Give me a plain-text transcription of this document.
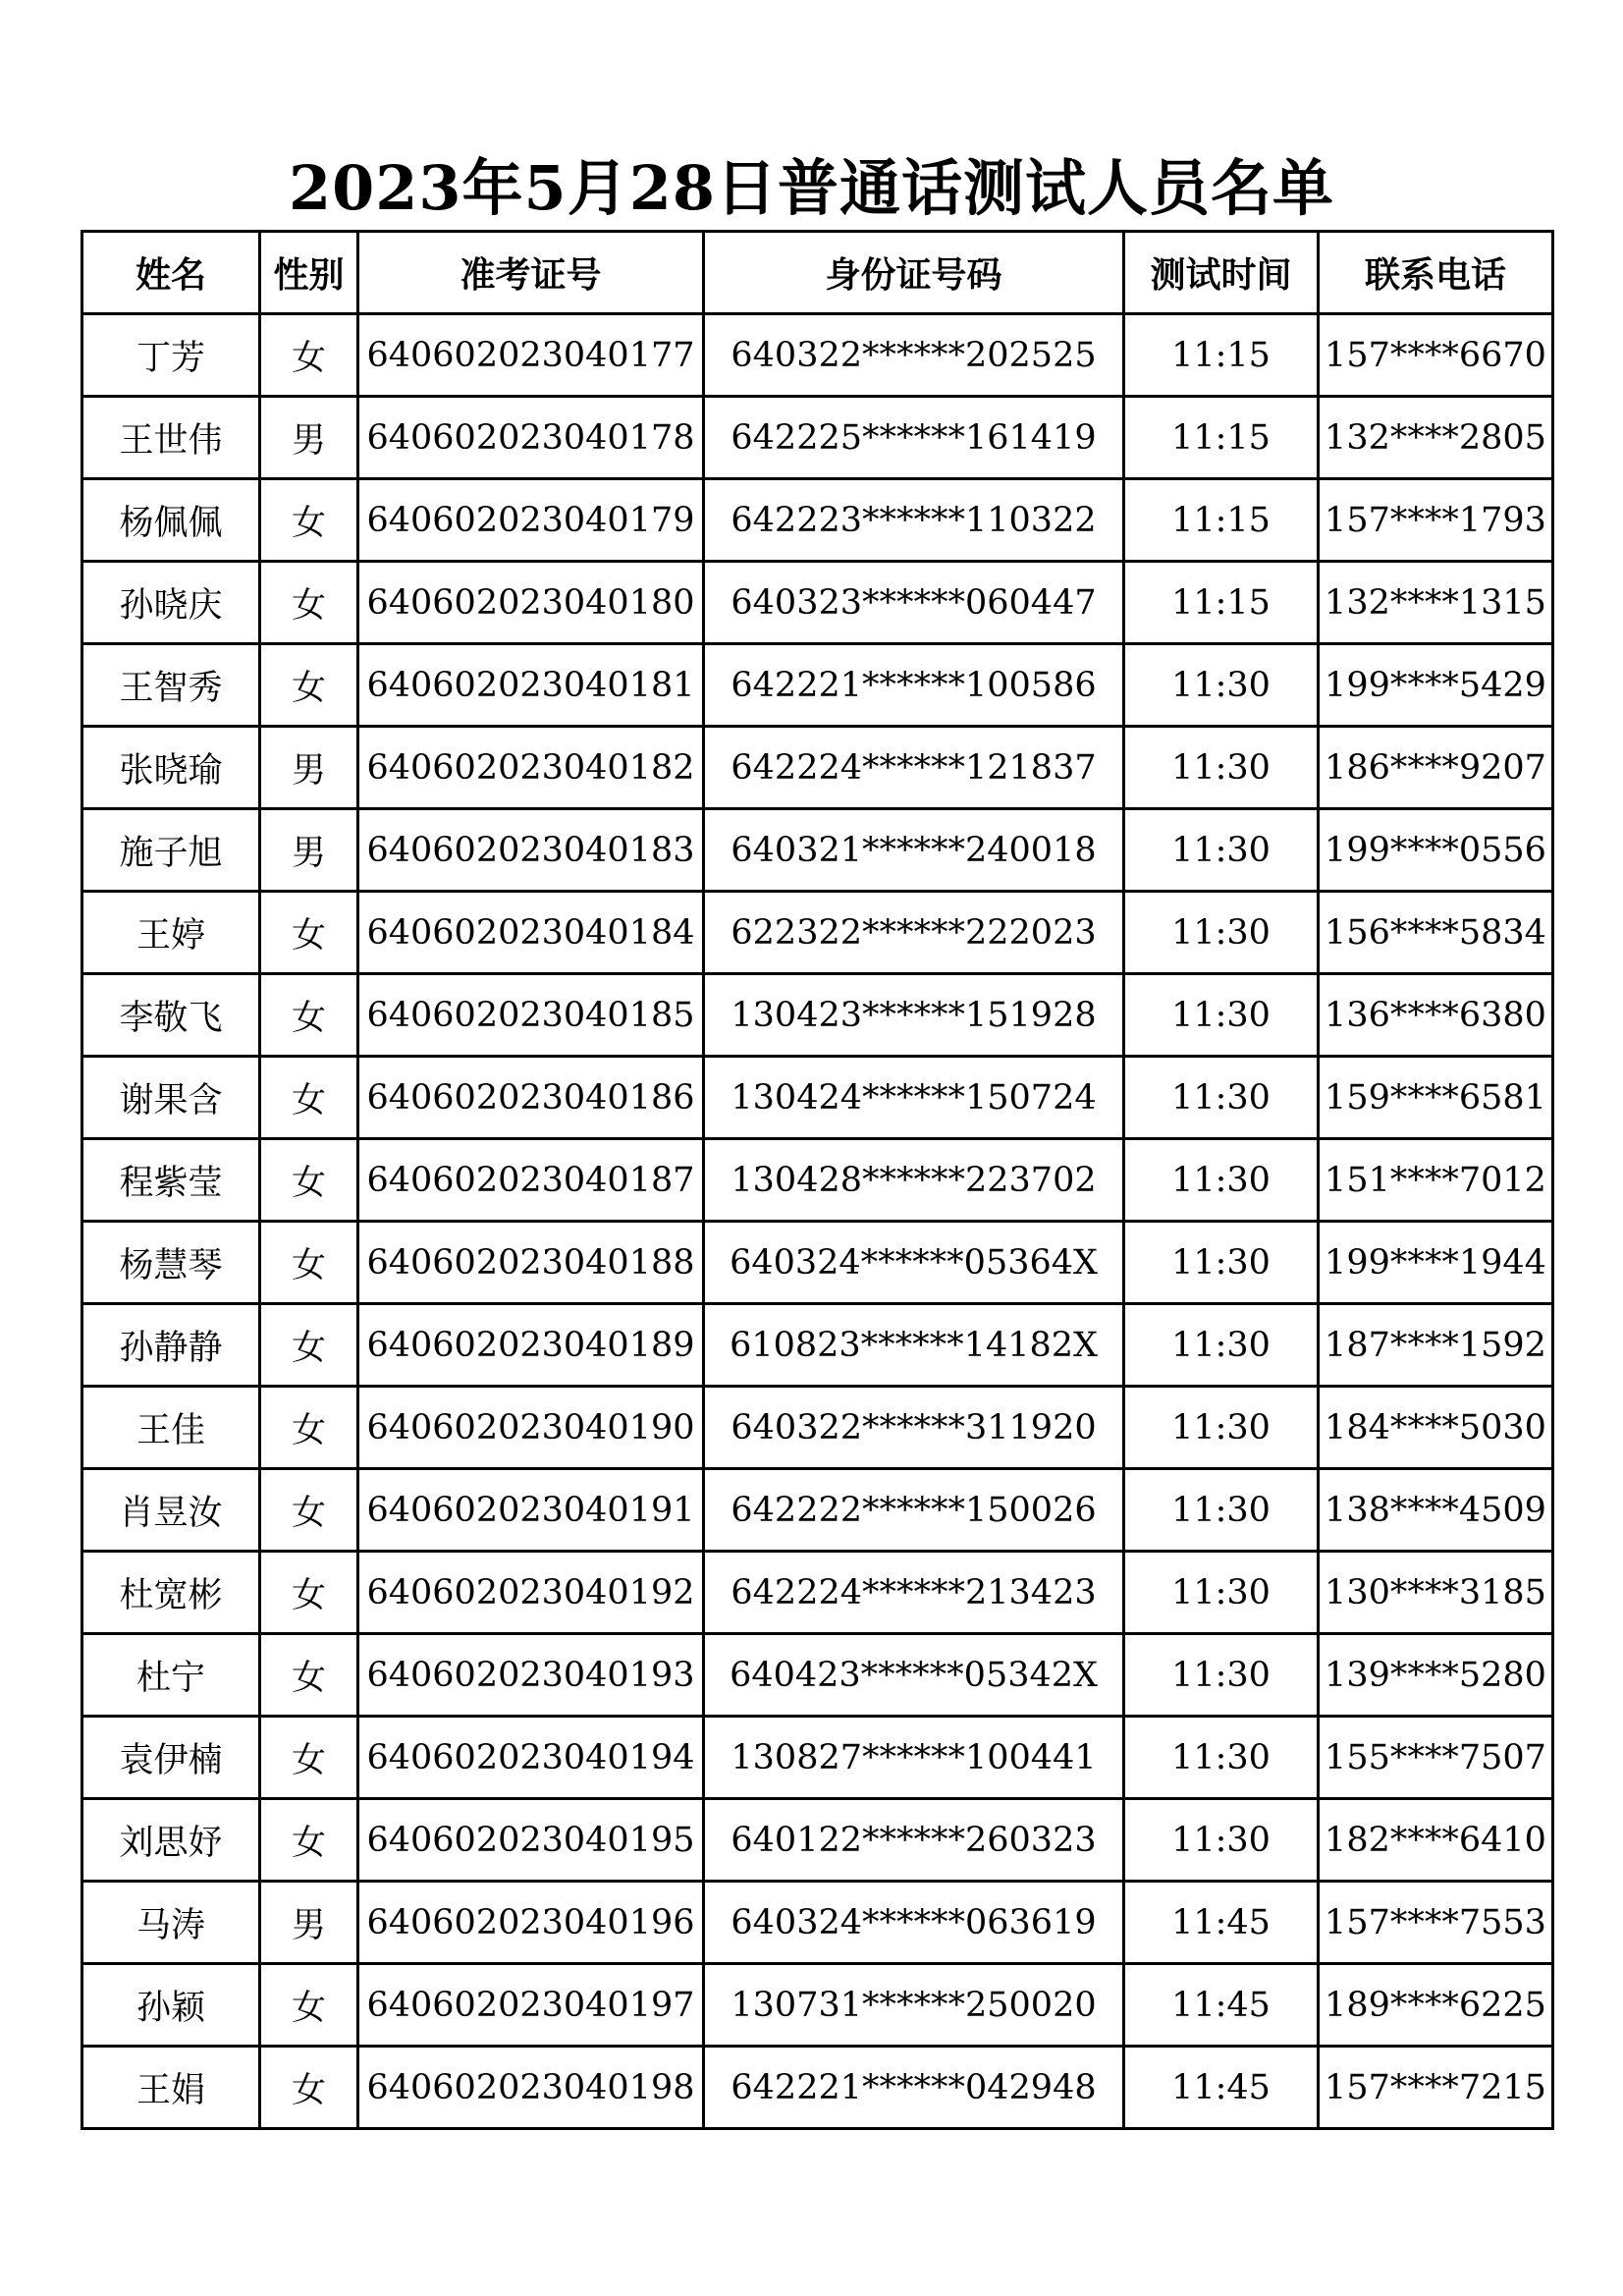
2023年5月28日普通话测试人员名单
姓名	性别	准考证号	身份证号码	测试时间	联系电话
丁芳	女	640602023040177	640322******202525	11:15	157****6670
王世伟	男	640602023040178	642225******161419	11:15	132****2805
杨佩佩	女	640602023040179	642223******110322	11:15	157****1793
孙晓庆	女	640602023040180	640323******060447	11:15	132****1315
王智秀	女	640602023040181	642221******100586	11:30	199****5429
张晓瑜	男	640602023040182	642224******121837	11:30	186****9207
施子旭	男	640602023040183	640321******240018	11:30	199****0556
王婷	女	640602023040184	622322******222023	11:30	156****5834
李敬飞	女	640602023040185	130423******151928	11:30	136****6380
谢果含	女	640602023040186	130424******150724	11:30	159****6581
程紫莹	女	640602023040187	130428******223702	11:30	151****7012
杨慧琴	女	640602023040188	640324******05364X	11:30	199****1944
孙静静	女	640602023040189	610823******14182X	11:30	187****1592
王佳	女	640602023040190	640322******311920	11:30	184****5030
肖昱汝	女	640602023040191	642222******150026	11:30	138****4509
杜宽彬	女	640602023040192	642224******213423	11:30	130****3185
杜宁	女	640602023040193	640423******05342X	11:30	139****5280
袁伊楠	女	640602023040194	130827******100441	11:30	155****7507
刘思妤	女	640602023040195	640122******260323	11:30	182****6410
马涛	男	640602023040196	640324******063619	11:45	157****7553
孙颖	女	640602023040197	130731******250020	11:45	189****6225
王娟	女	640602023040198	642221******042948	11:45	157****7215
